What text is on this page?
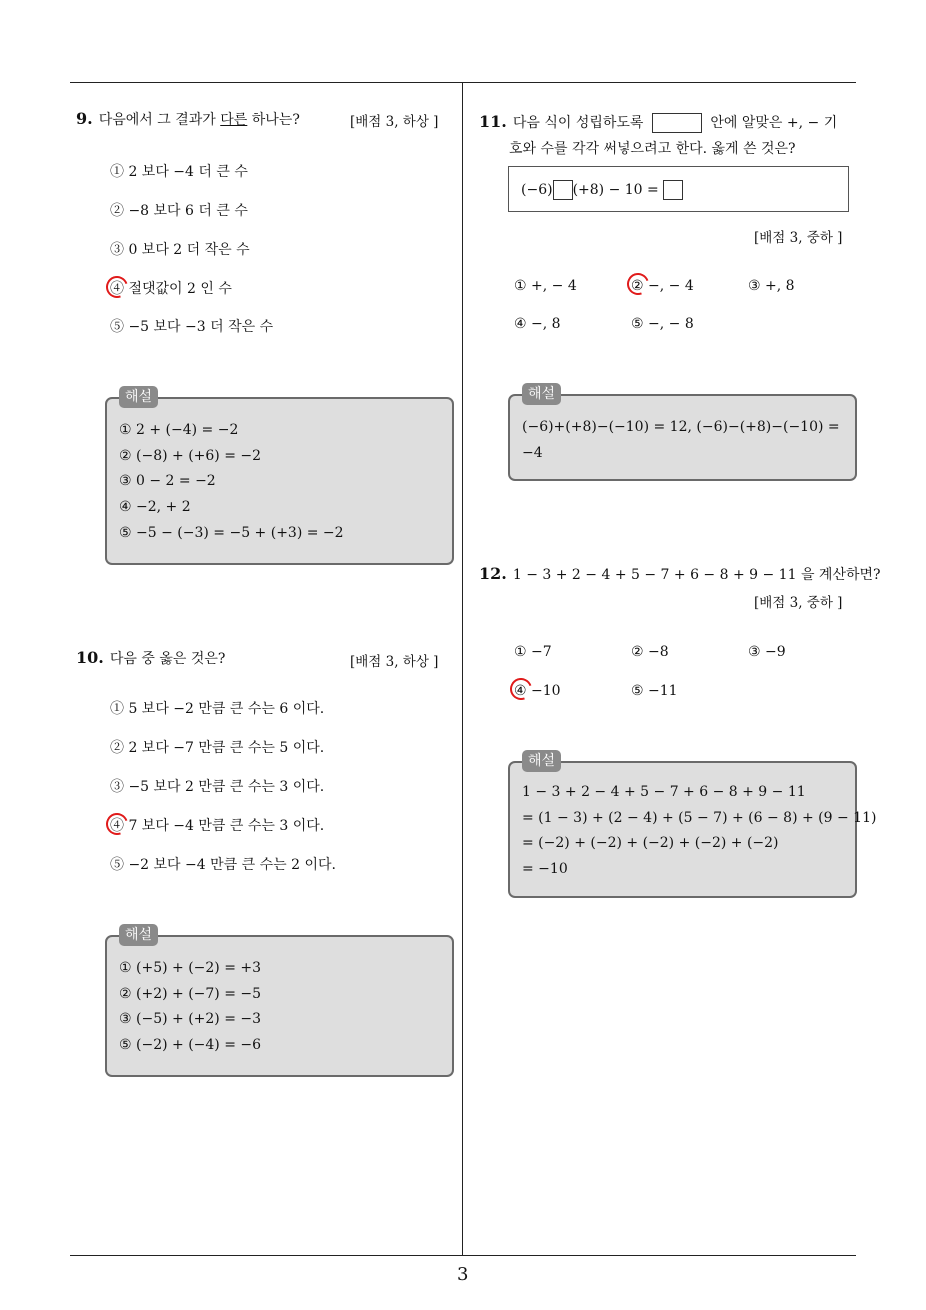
9. 다음에서 그 결과가 다른 하나는?	[배점 3, 하상 ]
① 2 보다 −4 더 큰 수
② −8 보다 6 더 큰 수
③ 0 보다 2 더 작은 수
④ 절댓값이 2 인 수
⑤ −5 보다 −3 더 작은 수
해설
① 2 + (−4) = −2
② (−8) + (+6) = −2
③ 0 − 2 = −2
④ −2, + 2
⑤ −5 − (−3) = −5 + (+3) = −2
10. 다음 중 옳은 것은?	[배점 3, 하상 ]
① 5 보다 −2 만큼 큰 수는 6 이다.
② 2 보다 −7 만큼 큰 수는 5 이다.
③ −5 보다 2 만큼 큰 수는 3 이다.
④ 7 보다 −4 만큼 큰 수는 3 이다.
⑤ −2 보다 −4 만큼 큰 수는 2 이다.
해설
① (+5) + (−2) = +3
② (+2) + (−7) = −5
③ (−5) + (+2) = −3
⑤ (−2) + (−4) = −6
11. 다음 식이 성립하도록	안에 알맞은 +, − 기
호와 수를 각각 써넣으려고 한다. 옳게 쓴 것은?
(−6) (+8) − 10 =
[배점 3, 중하 ]
① +, − 4	② −, − 4	③ +, 8
④ −, 8	⑤ −, − 8
해설
(−6)+(+8)−(−10) = 12, (−6)−(+8)−(−10) =
−4
12. 1 − 3 + 2 − 4 + 5 − 7 + 6 − 8 + 9 − 11 을 계산하면?
[배점 3, 중하 ]
① −7	② −8	③ −9
④ −10	⑤ −11
해설
1 − 3 + 2 − 4 + 5 − 7 + 6 − 8 + 9 − 11
= (1 − 3) + (2 − 4) + (5 − 7) + (6 − 8) + (9 − 11)
= (−2) + (−2) + (−2) + (−2) + (−2)
= −10
3
